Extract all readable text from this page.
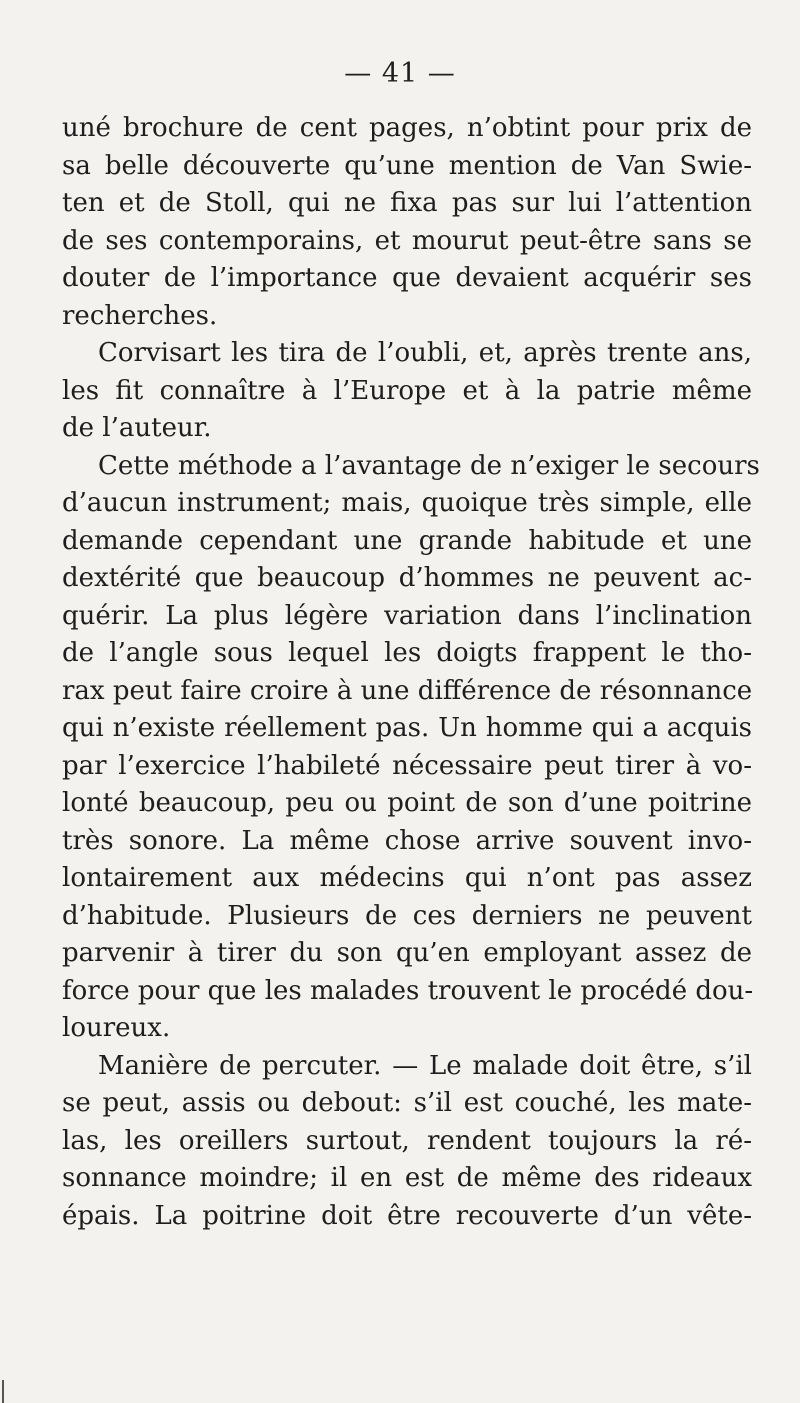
— 41 —
uné brochure de cent pages, n’obtint pour prix de
sa belle découverte qu’une mention de Van Swie-
ten et de Stoll, qui ne fixa pas sur lui l’attention
de ses contemporains, et mourut peut-être sans se
douter de l’importance que devaient acquérir ses
recherches.
Corvisart les tira de l’oubli, et, après trente ans,
les fit connaître à l’Europe et à la patrie même
de l’auteur.
Cette méthode a l’avantage de n’exiger le secours
d’aucun instrument; mais, quoique très simple, elle
demande cependant une grande habitude et une
dextérité que beaucoup d’hommes ne peuvent ac-
quérir. La plus légère variation dans l’inclination
de l’angle sous lequel les doigts frappent le tho-
rax peut faire croire à une différence de résonnance
qui n’existe réellement pas. Un homme qui a acquis
par l’exercice l’habileté nécessaire peut tirer à vo-
lonté beaucoup, peu ou point de son d’une poitrine
très sonore. La même chose arrive souvent invo-
lontairement aux médecins qui n’ont pas assez
d’habitude. Plusieurs de ces derniers ne peuvent
parvenir à tirer du son qu’en employant assez de
force pour que les malades trouvent le procédé dou-
loureux.
Manière de percuter. — Le malade doit être, s’il
se peut, assis ou debout: s’il est couché, les mate-
las, les oreillers surtout, rendent toujours la ré-
sonnance moindre; il en est de même des rideaux
épais. La poitrine doit être recouverte d’un vête-
